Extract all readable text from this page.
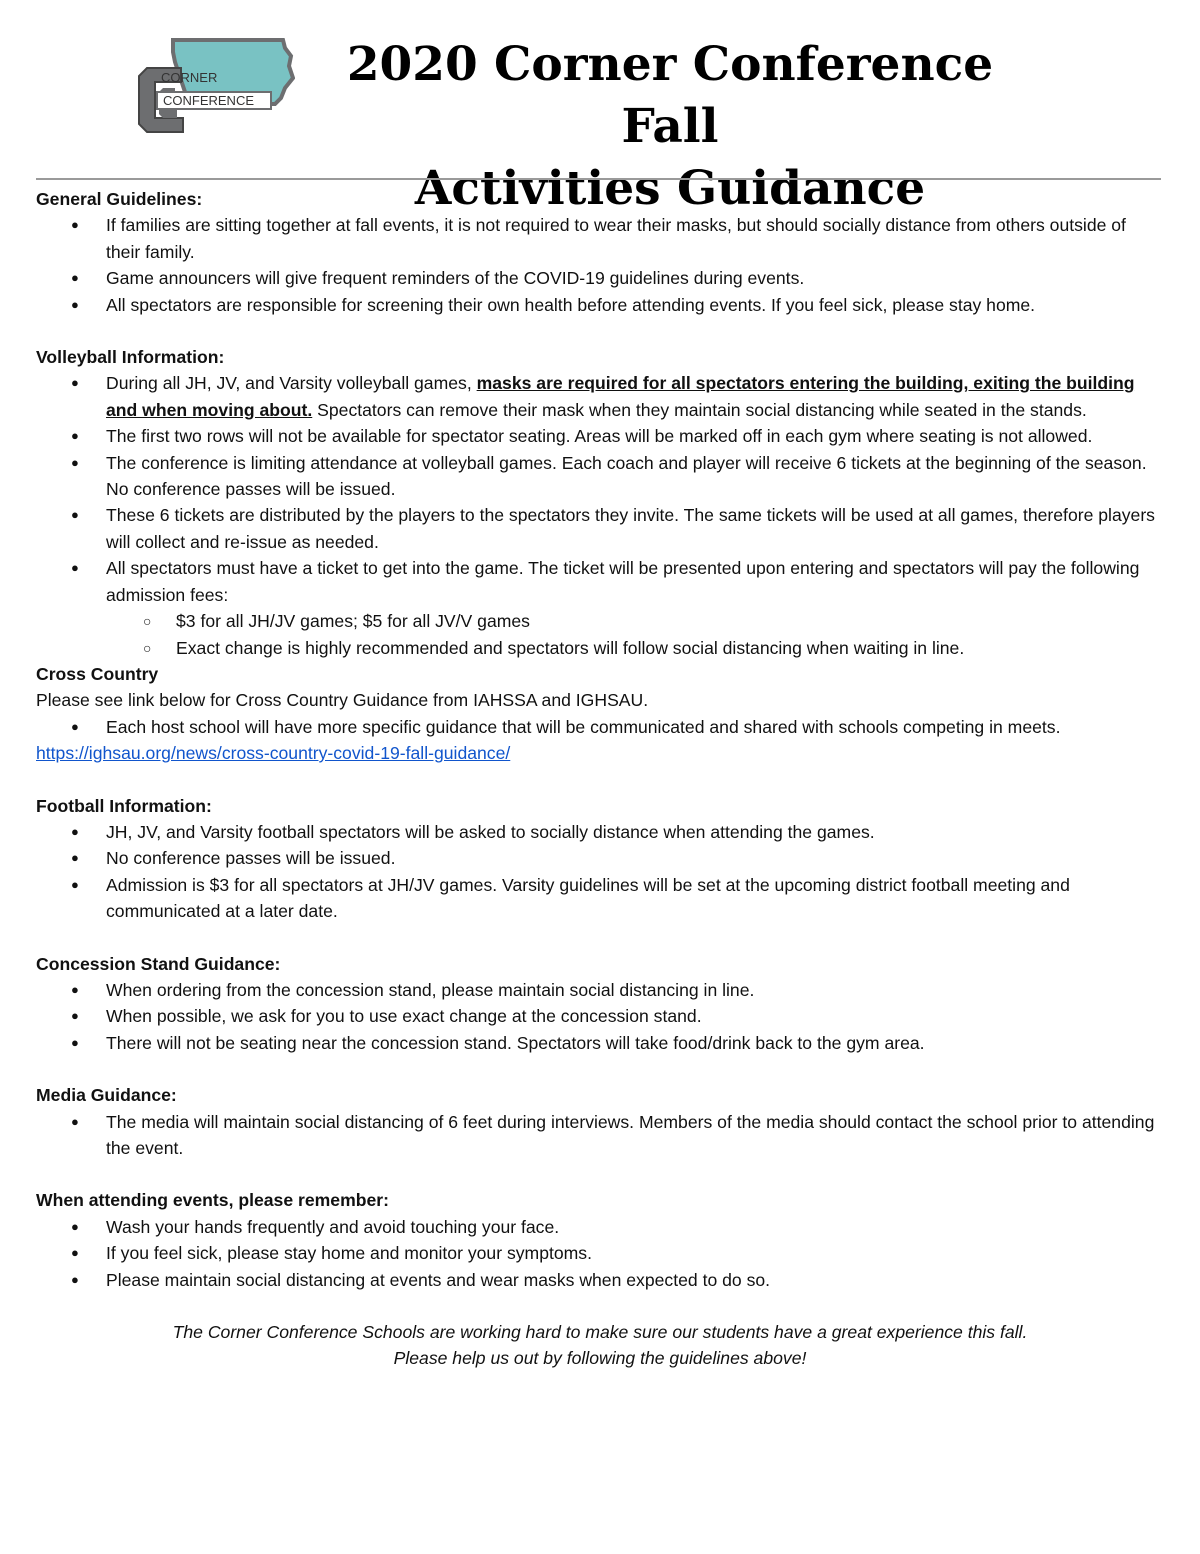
CORNER
CONFERENCE
2020 Corner Conference Fall
Activities Guidance

General Guidelines:

● If families are sitting together at fall events, it is not required to wear their masks, but should socially distance from others outside of their family.
● Game announcers will give frequent reminders of the COVID-19 guidelines during events.
● All spectators are responsible for screening their own health before attending events. If you feel sick, please stay home.

Volleyball Information:

● During all JH, JV, and Varsity volleyball games, masks are required for all spectators entering the building, exiting the building and when moving about. Spectators can remove their mask when they maintain social distancing while seated in the stands.
● The first two rows will not be available for spectator seating. Areas will be marked off in each gym where seating is not allowed.
● The conference is limiting attendance at volleyball games. Each coach and player will receive 6 tickets at the beginning of the season. No conference passes will be issued.
● These 6 tickets are distributed by the players to the spectators they invite. The same tickets will be used at all games, therefore players will collect and re-issue as needed.
● All spectators must have a ticket to get into the game. The ticket will be presented upon entering and spectators will pay the following admission fees:
○ $3 for all JH/JV games; $5 for all JV/V games
○ Exact change is highly recommended and spectators will follow social distancing when waiting in line.

Cross Country

Please see link below for Cross Country Guidance from IAHSSA and IGHSAU.

● Each host school will have more specific guidance that will be communicated and shared with schools competing in meets.

https://ighsau.org/news/cross-country-covid-19-fall-guidance/

Football Information:

● JH, JV, and Varsity football spectators will be asked to socially distance when attending the games.
● No conference passes will be issued.
● Admission is $3 for all spectators at JH/JV games. Varsity guidelines will be set at the upcoming district football meeting and communicated at a later date.

Concession Stand Guidance:

● When ordering from the concession stand, please maintain social distancing in line.
● When possible, we ask for you to use exact change at the concession stand.
● There will not be seating near the concession stand. Spectators will take food/drink back to the gym area.

Media Guidance:

● The media will maintain social distancing of 6 feet during interviews. Members of the media should contact the school prior to attending the event.

When attending events, please remember:

● Wash your hands frequently and avoid touching your face.
● If you feel sick, please stay home and monitor your symptoms.
● Please maintain social distancing at events and wear masks when expected to do so.

The Corner Conference Schools are working hard to make sure our students have a great experience this fall.

Please help us out by following the guidelines above!
